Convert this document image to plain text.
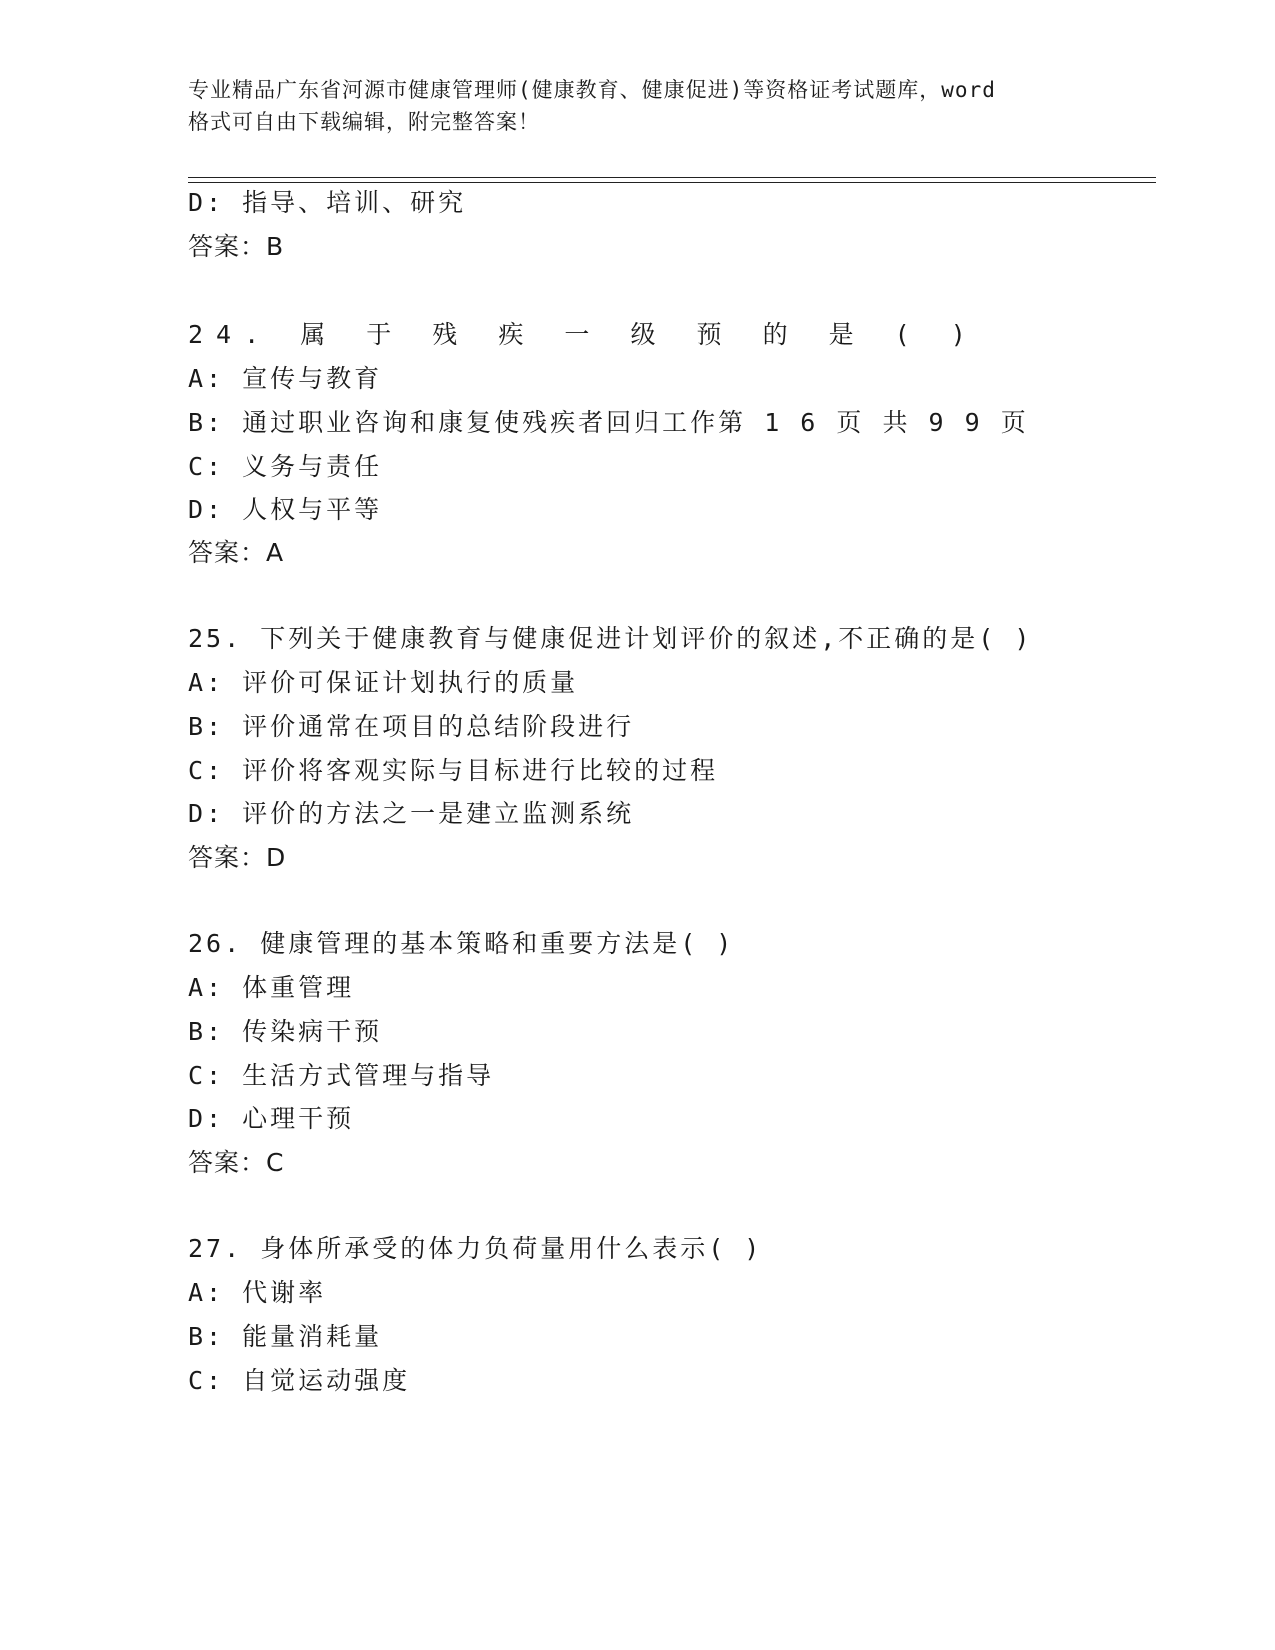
专业精品广东省河源市健康管理师(健康教育、健康促进)等资格证考试题库，word
格式可自由下载编辑，附完整答案！
D: 指导、培训、研究
答案：B
24. 属 于 残 疾 一 级 预 的 是 ( )
A: 宣传与教育
B: 通过职业咨询和康复使残疾者回归工作第 1 6 页 共 9 9 页
C: 义务与责任
D: 人权与平等
答案：A
25. 下列关于健康教育与健康促进计划评价的叙述,不正确的是( )
A: 评价可保证计划执行的质量
B: 评价通常在项目的总结阶段进行
C: 评价将客观实际与目标进行比较的过程
D: 评价的方法之一是建立监测系统
答案：D
26. 健康管理的基本策略和重要方法是( )
A: 体重管理
B: 传染病干预
C: 生活方式管理与指导
D: 心理干预
答案：C
27. 身体所承受的体力负荷量用什么表示( )
A: 代谢率
B: 能量消耗量
C: 自觉运动强度
